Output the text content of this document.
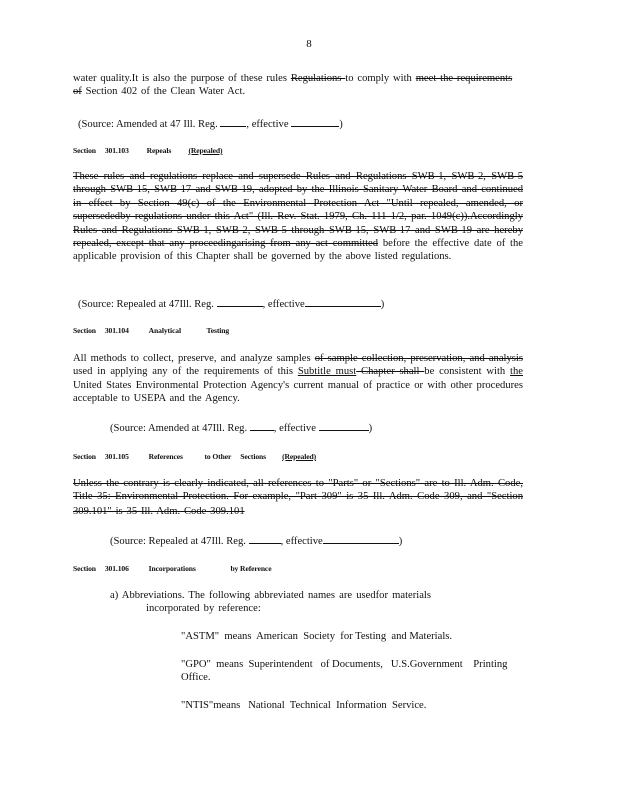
8
water quality.It is also the purpose of these rules Regulations to comply with meet the requirements of Section 402 of the Clean Water Act.
(Source: Amended at 47 Ill. Reg.	, effective	)
Section 301.103 Repeals (Repealed)
These rules and regulations replace and supersede Rules and Regulations SWB-1, SWB-2, SWB-5 through SWB-15, SWB-17 and SWB-19, adopted by the Illinois Sanitary Water Board and continued in effect by Section 49(c) of the Environmental Protection Act "Until repealed, amended, or supersededby regulations under this Act" (Ill. Rev. Stat. 1979, Ch. 111 1/2, par. 1049(c)).Accordingly Rules and Regulations SWB-1, SWB-2, SWB-5 through SWB-15, SWB-17 and SWB-19 are hereby repealed, except that any proceedingarising from any act committed before the effective date of the applicable provision of this Chapter shall be governed by the above listed regulations.
(Source: Repealed at 47Ill. Reg.	, effective	)
Section 301.104	Analytical	Testing
All methods to collect, preserve, and analyze samples of sample collection, preservation, and analysis used in applying any of the requirements of this Subtitle must Chapter shall be consistent with the United States Environmental Protection Agency's current manual of practice or with other procedures acceptable to USEPA and the Agency.
(Source: Amended at 47Ill. Reg.	, effective	)
Section 301.105	References	to Other Sections (Repealed)
Unless the contrary is clearly indicated, all references to "Parts" or "Sections" are to Ill. Adm. Code, Title 35: Environmental Protection. For example, "Part 309" is 35 Ill. Adm. Code 309, and "Section 309.101" is 35 Ill. Adm. Code 309.101
(Source: Repealed at 47Ill. Reg.	, effective	)
Section 301.106	Incorporations	by Reference
a) Abbreviations. The following abbreviated names are usedfor materials
incorporated by reference:
"ASTM"  means  American  Society  for Testing  and Materials.
"GPO"  means  Superintendent   of Documents,   U.S.Government    Printing Office.
"NTIS"means   National  Technical  Information  Service.
